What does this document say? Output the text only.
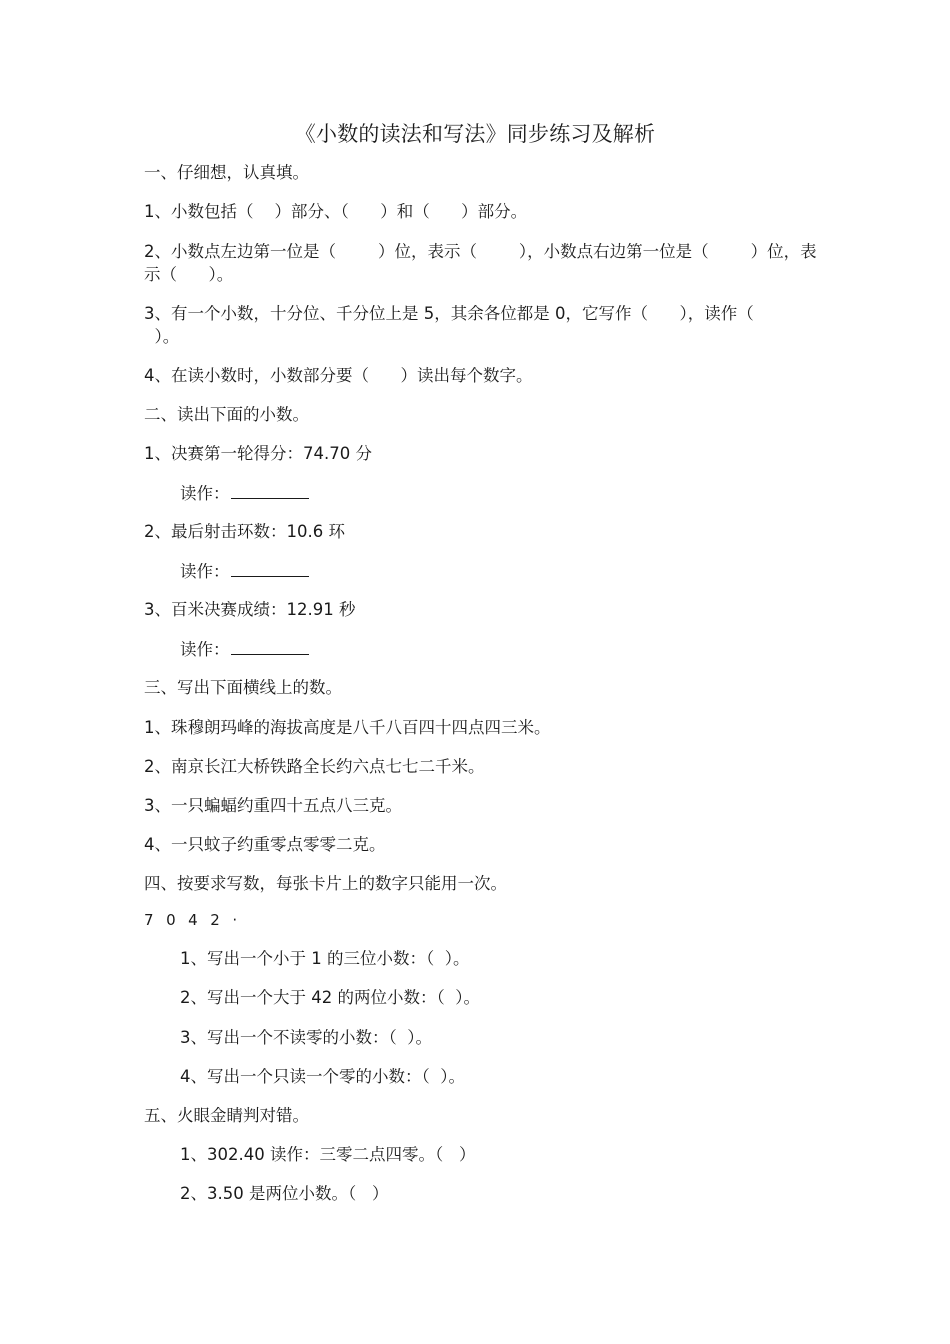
《小数的读法和写法》同步练习及解析
一、仔细想，认真填。
1、小数包括（    ）部分、（      ）和（      ）部分。
2、小数点左边第一位是（        ）位，表示（        ），小数点右边第一位是（        ）位，表
示（      ）。
3、有一个小数，十分位、千分位上是 5，其余各位都是 0，它写作（      ），读作（
）。
4、在读小数时，小数部分要（      ）读出每个数字。
二、读出下面的小数。
1、决赛第一轮得分：74.70 分
读作：
2、最后射击环数：10.6 环
读作：
3、百米决赛成绩：12.91 秒
读作：
三、写出下面横线上的数。
1、珠穆朗玛峰的海拔高度是八千八百四十四点四三米。
2、南京长江大桥铁路全长约六点七七二千米。
3、一只蝙蝠约重四十五点八三克。
4、一只蚊子约重零点零零二克。
四、按要求写数，每张卡片上的数字只能用一次。
7  0  4  2  ·
1、写出一个小于 1 的三位小数：（  ）。
2、写出一个大于 42 的两位小数：（  ）。
3、写出一个不读零的小数：（  ）。
4、写出一个只读一个零的小数：（  ）。
五、火眼金睛判对错。
1、302.40 读作：三零二点四零。（   ）
2、3.50 是两位小数。（   ）
